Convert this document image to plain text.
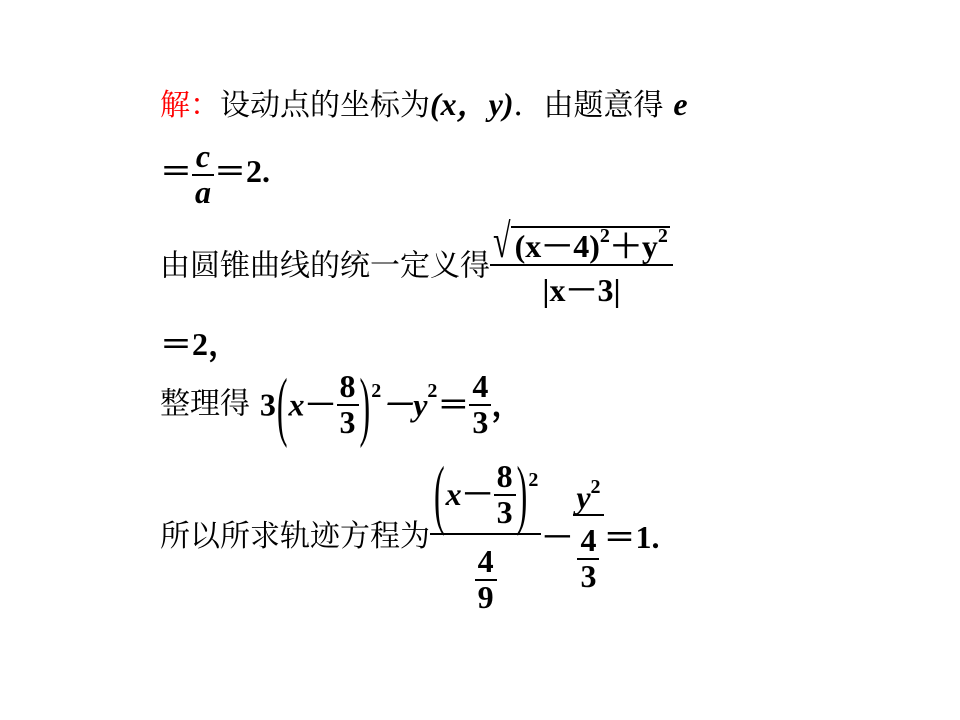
解：设动点的坐标为(x，y)．由题意得 e
＝ $\frac{c}{a} =2$.
由圆锥曲线的统一定义得 $\frac{√ (x-4)^2+y^2}{|x-3|}$
＝2，
整理得 $3(x- \frac{8}{3} )^2-y^2= \frac{4}{3}$ ，
所以所求轨迹方程为 $\frac{(x- \frac{8}{3} )^2}{\frac{4}{9}} - \frac{y^2}{\frac{4}{3}} =1$.
